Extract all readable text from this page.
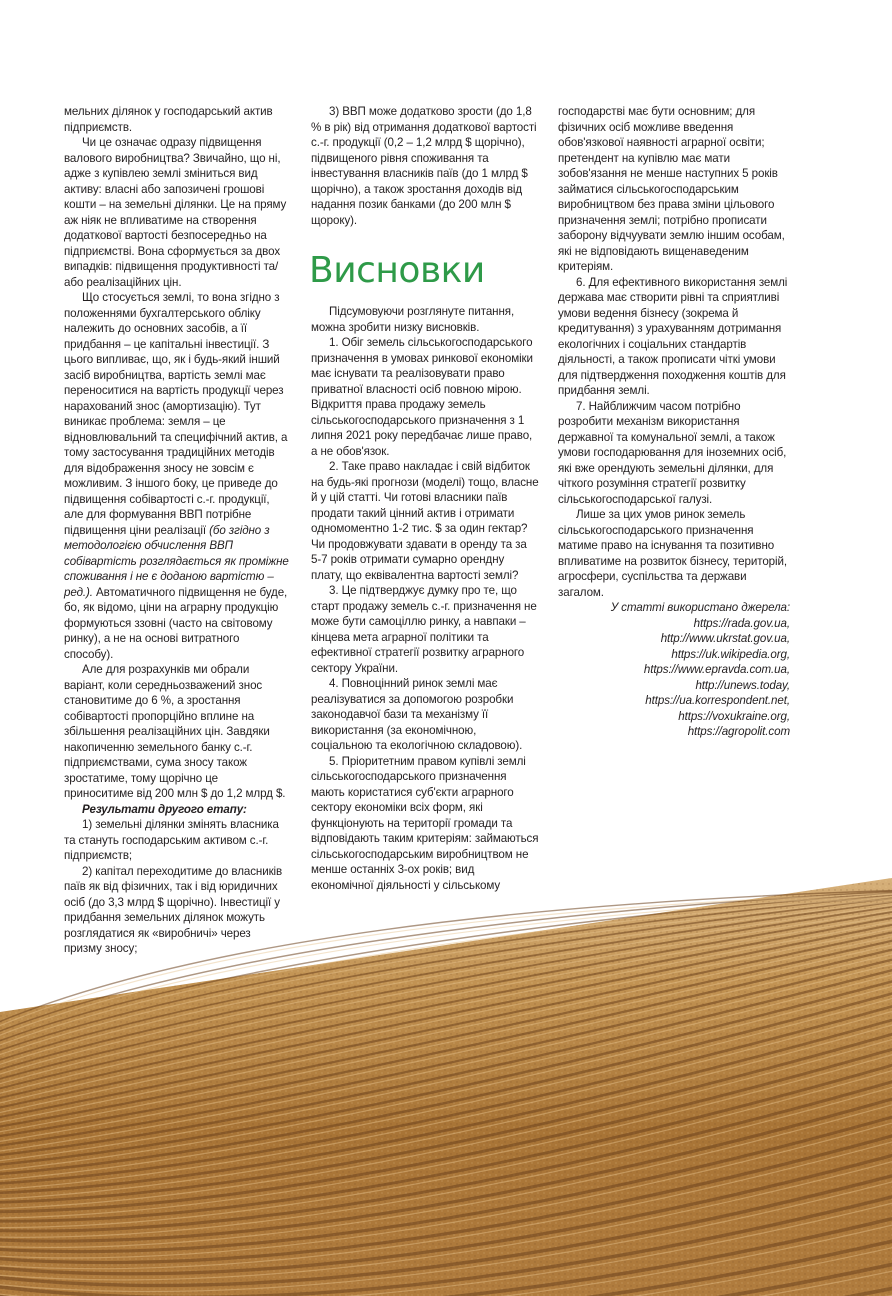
мельних ділянок у господарський актив підприємств.

Чи це означає одразу підвищення валового виробництва? Звичайно, що ні, адже з купівлею землі зміниться вид активу: власні або запозичені грошові кошти – на земельні ділянки. Це на пряму аж ніяк не впливатиме на створення додаткової вартості безпосередньо на підприємстві. Вона сформується за двох випадків: підвищення продуктивності та/або реалізаційних цін.

Що стосується землі, то вона згідно з положеннями бухгалтерського обліку належить до основних засобів, а її придбання – це капітальні інвестиції. З цього випливає, що, як і будь-який інший засіб виробництва, вартість землі має переноситися на вартість продукції через нарахований знос (амортизацію). Тут виникає проблема: земля – це відновлювальний та специфічний актив, а тому застосування традиційних методів для відображення зносу не зовсім є можливим. З іншого боку, це приведе до підвищення собівартості с.-г. продукції, але для формування ВВП потрібне підвищення ціни реалізації (бо згідно з методологією обчислення ВВП собівартість розглядається як проміжне споживання і не є доданою вартістю – ред.). Автоматичного підвищення не буде, бо, як відомо, ціни на аграрну продукцію формуються ззовні (часто на світовому ринку), а не на основі витратного способу).

Але для розрахунків ми обрали варіант, коли середньозважений знос становитиме до 6 %, а зростання собівартості пропорційно вплине на збільшення реалізаційних цін. Завдяки накопиченню земельного банку с.-г. підприємствами, сума зносу також зростатиме, тому щорічно це приноситиме від 200 млн $ до 1,2 млрд $.

Результати другого етапу:

1) земельні ділянки змінять власника та стануть господарським активом с.-г. підприємств;

2) капітал переходитиме до власників паїв як від фізичних, так і від юридичних осіб (до 3,3 млрд $ щорічно). Інвестиції у придбання земельних ділянок можуть розглядатися як «виробничі» через призму зносу;

3) ВВП може додатково зрости (до 1,8 % в рік) від отримання додаткової вартості с.-г. продукції (0,2 – 1,2 млрд $ щорічно), підвищеного рівня споживання та інвестування власників паїв (до 1 млрд $ щорічно), а також зростання доходів від надання позик банками (до 200 млн $ щороку).

Висновки

Підсумовуючи розглянуте питання, можна зробити низку висновків.

1. Обіг земель сільськогосподарського призначення в умовах ринкової економіки має існувати та реалізовувати право приватної власності осіб повною мірою. Відкриття права продажу земель сільськогосподарського призначення з 1 липня 2021 року передбачає лише право, а не обов'язок.

2. Таке право накладає і свій відбиток на будь-які прогнози (моделі) тощо, власне й у цій статті. Чи готові власники паїв продати такий цінний актив і отримати одномоментно 1-2 тис. $ за один гектар? Чи продовжувати здавати в оренду та за 5-7 років отримати сумарно орендну плату, що еквівалентна вартості землі?

3. Це підтверджує думку про те, що старт продажу земель с.-г. призначення не може бути самоціллю ринку, а навпаки – кінцева мета аграрної політики та ефективної стратегії розвитку аграрного сектору України.

4. Повноцінний ринок землі має реалізуватися за допомогою розробки законодавчої бази та механізму її використання (за економічною, соціальною та екологічною складовою).

5. Пріоритетним правом купівлі землі сільськогосподарського призначення мають користатися суб'єкти аграрного сектору економіки всіх форм, які функціонують на території громади та відповідають таким критеріям: займаються сільськогосподарським виробництвом не менше останніх 3-ох років; вид економічної діяльності у сільському

господарстві має бути основним; для фізичних осіб можливе введення обов'язкової наявності аграрної освіти; претендент на купівлю має мати зобов'язання не менше наступних 5 років займатися сільськогосподарським виробництвом без права зміни цільового призначення землі; потрібно прописати заборону відчуувати землю іншим особам, які не відповідають вищенаведеним критеріям.

6. Для ефективного використання землі держава має створити рівні та сприятливі умови ведення бізнесу (зокрема й кредитування) з урахуванням дотримання екологічних і соціальних стандартів діяльності, а також прописати чіткі умови для підтвердження походження коштів для придбання землі.

7. Найближчим часом потрібно розробити механізм використання державної та комунальної землі, а також умови господарювання для іноземних осіб, які вже орендують земельні ділянки, для чіткого розуміння стратегії розвитку сільськогосподарської галузі.

Лише за цих умов ринок земель сільськогосподарського призначення матиме право на існування та позитивно впливатиме на розвиток бізнесу, територій, агросфери, суспільства та держави загалом.

У статті використано джерела:

https://rada.gov.ua,
http://www.ukrstat.gov.ua,
https://uk.wikipedia.org,
https://www.epravda.com.ua,
http://unews.today,
https://ua.korrespondent.net,
https://voxukraine.org,
https://agropolit.com
